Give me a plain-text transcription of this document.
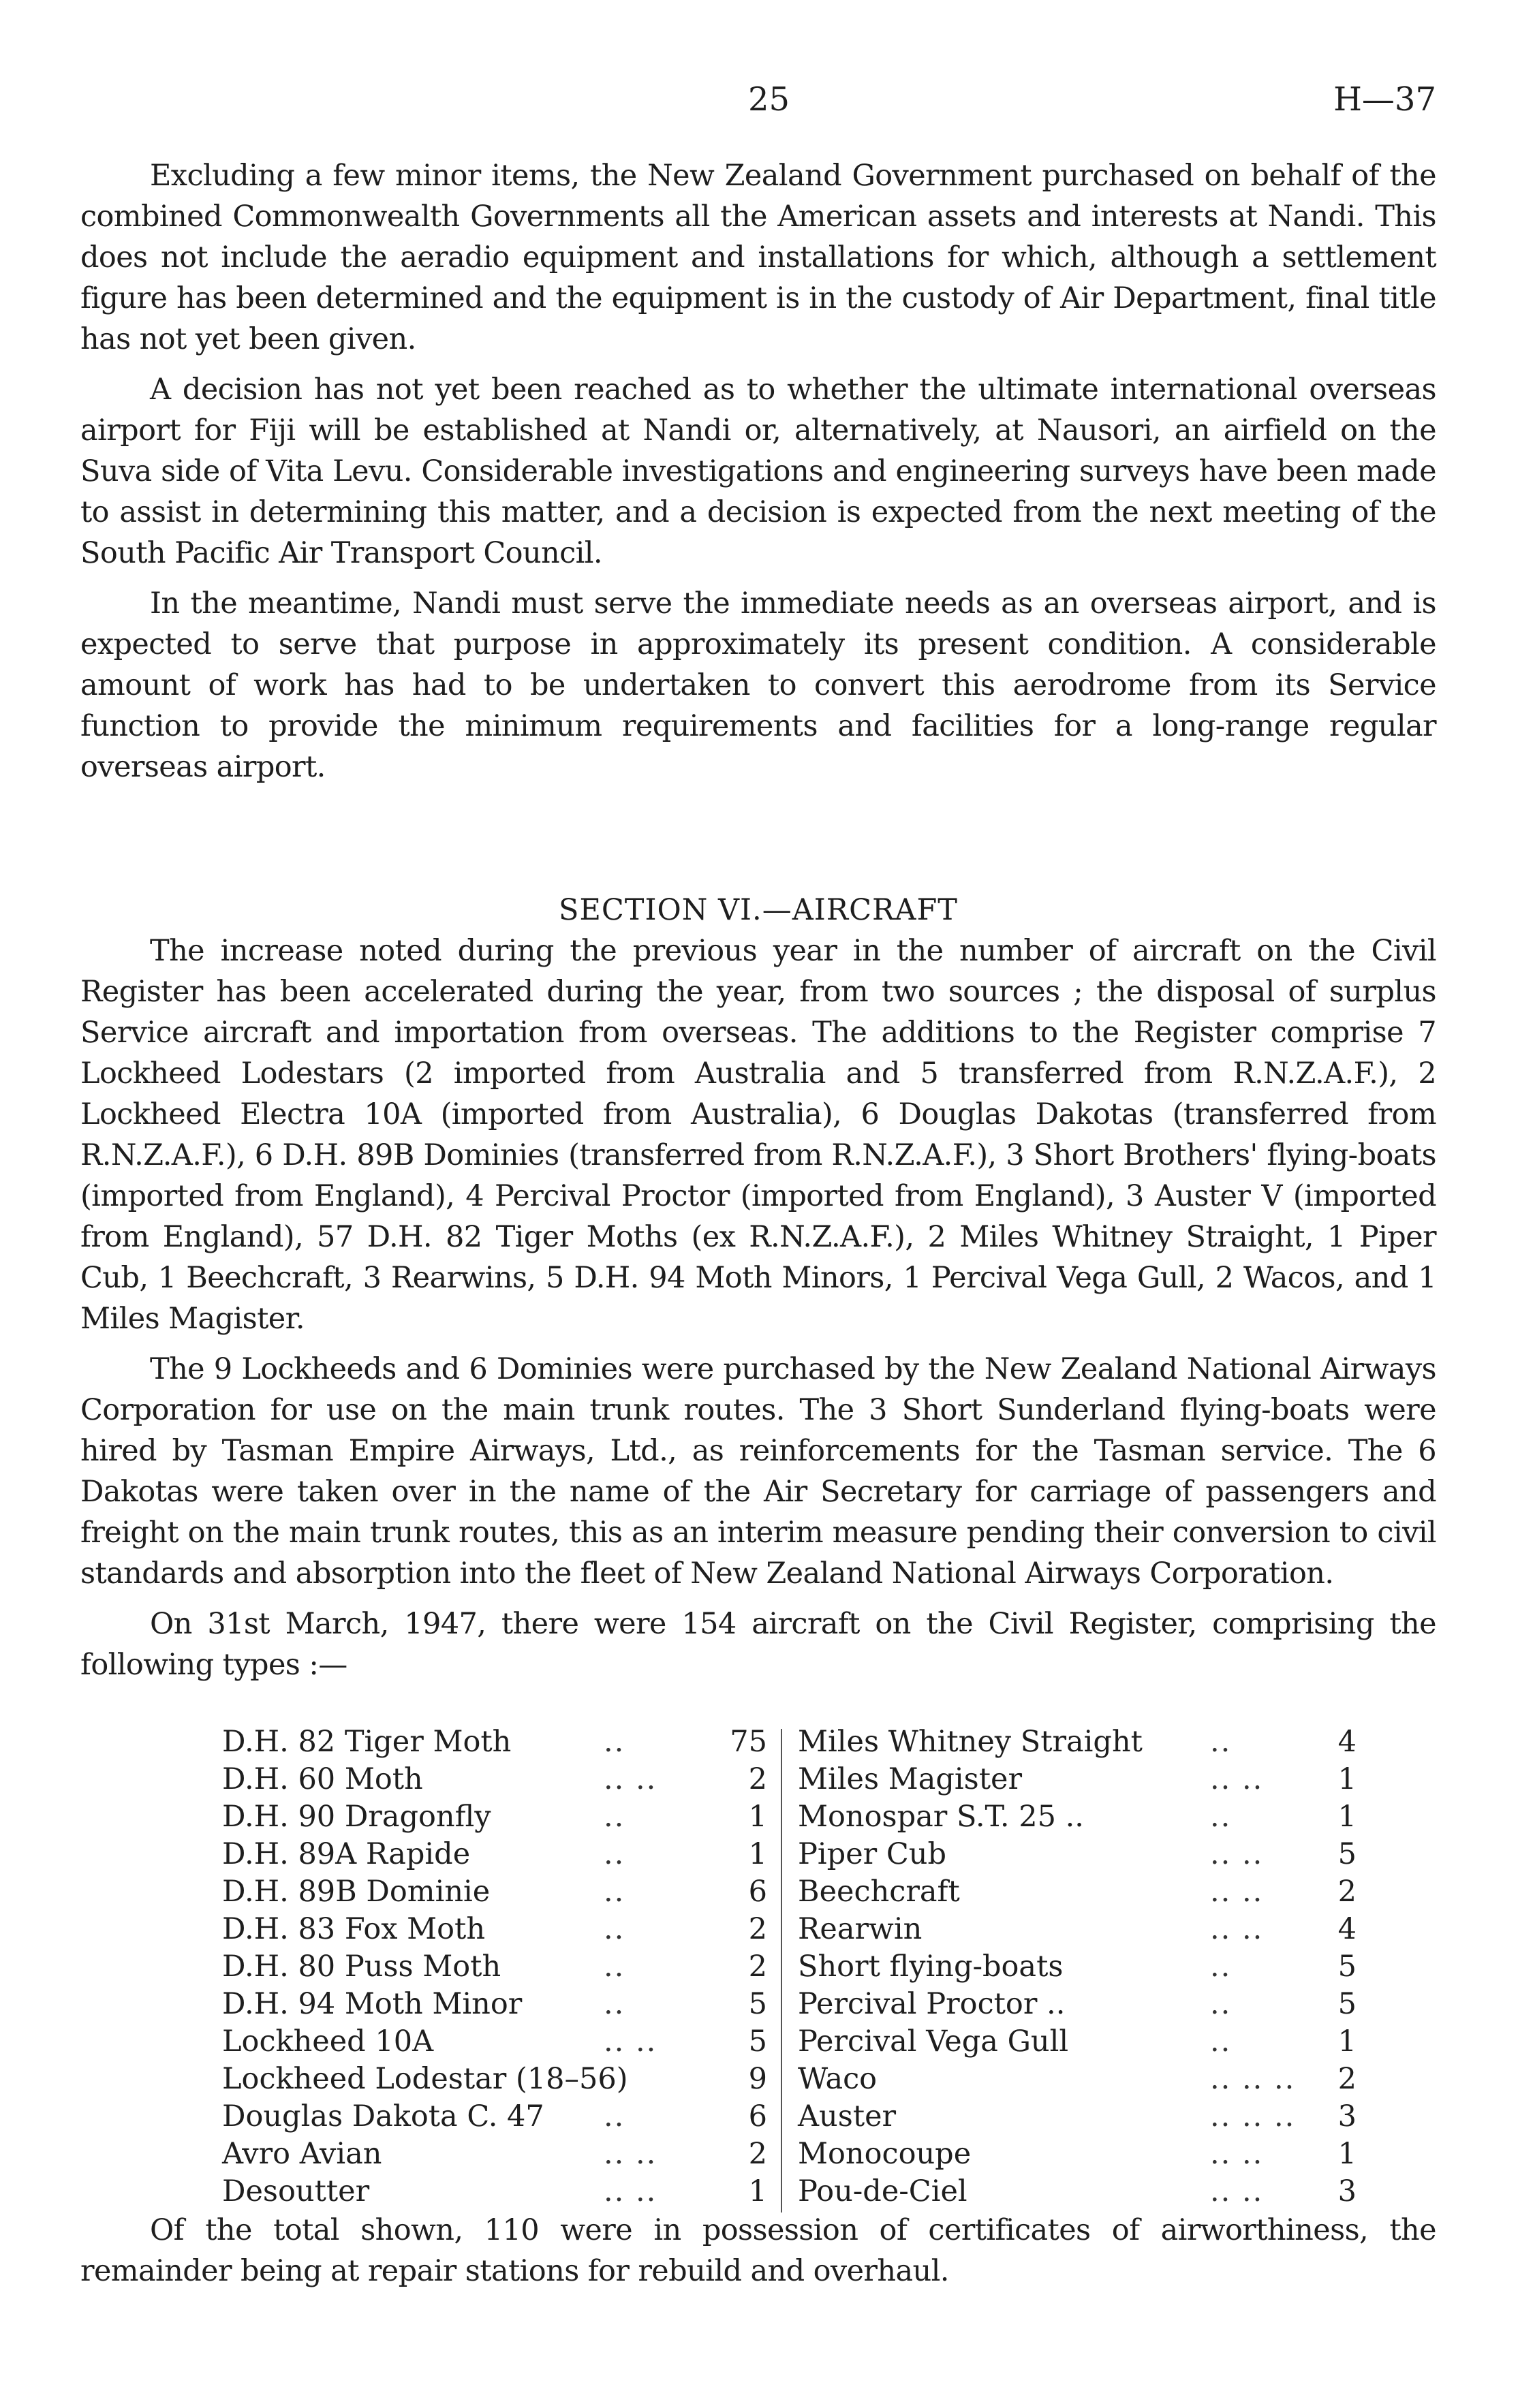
25	H—37

Excluding a few minor items, the New Zealand Government purchased on behalf of the combined Commonwealth Governments all the American assets and interests at Nandi. This does not include the aeradio equipment and installations for which, although a settlement figure has been determined and the equipment is in the custody of Air Department, final title has not yet been given.

A decision has not yet been reached as to whether the ultimate international overseas airport for Fiji will be established at Nandi or, alternatively, at Nausori, an airfield on the Suva side of Vita Levu. Considerable investigations and engineering surveys have been made to assist in determining this matter, and a decision is expected from the next meeting of the South Pacific Air Transport Council.

In the meantime, Nandi must serve the immediate needs as an overseas airport, and is expected to serve that purpose in approximately its present condition. A considerable amount of work has had to be undertaken to convert this aerodrome from its Service function to provide the minimum requirements and facilities for a long-range regular overseas airport.

SECTION VI.—AIRCRAFT

The increase noted during the previous year in the number of aircraft on the Civil Register has been accelerated during the year, from two sources ; the disposal of surplus Service aircraft and importation from overseas. The additions to the Register comprise 7 Lockheed Lodestars (2 imported from Australia and 5 transferred from R.N.Z.A.F.), 2 Lockheed Electra 10A (imported from Australia), 6 Douglas Dakotas (transferred from R.N.Z.A.F.), 6 D.H. 89B Dominies (transferred from R.N.Z.A.F.), 3 Short Brothers' flying-boats (imported from England), 4 Percival Proctor (imported from England), 3 Auster V (imported from England), 57 D.H. 82 Tiger Moths (ex R.N.Z.A.F.), 2 Miles Whitney Straight, 1 Piper Cub, 1 Beechcraft, 3 Rearwins, 5 D.H. 94 Moth Minors, 1 Percival Vega Gull, 2 Wacos, and 1 Miles Magister.

The 9 Lockheeds and 6 Dominies were purchased by the New Zealand National Airways Corporation for use on the main trunk routes. The 3 Short Sunderland flying-boats were hired by Tasman Empire Airways, Ltd., as reinforcements for the Tasman service. The 6 Dakotas were taken over in the name of the Air Secretary for carriage of passengers and freight on the main trunk routes, this as an interim measure pending their conversion to civil standards and absorption into the fleet of New Zealand National Airways Corporation.

On 31st March, 1947, there were 154 aircraft on the Civil Register, comprising the following types :—

D.H. 82 Tiger Moth	..	75
D.H. 60 Moth	.. ..	2
D.H. 90 Dragonfly	..	1
D.H. 89A Rapide	..	1
D.H. 89B Dominie	..	6
D.H. 83 Fox Moth	..	2
D.H. 80 Puss Moth	..	2
D.H. 94 Moth Minor	..	5
Lockheed 10A	.. ..	5
Lockheed Lodestar (18–56)	9
Douglas Dakota C. 47 ..	6
Avro Avian	.. ..	2
Desoutter	.. ..	1
Miles Whitney Straight ..	4
Miles Magister	.. ..	1
Monospar S.T. 25 ..	..	1
Piper Cub	.. ..	5
Beechcraft	.. ..	2
Rearwin	.. ..	4
Short flying-boats	..	5
Percival Proctor ..	..	5
Percival Vega Gull	..	1
Waco	.. .. ..	2
Auster	.. .. ..	3
Monocoupe	.. ..	1
Pou-de-Ciel	.. ..	3

Of the total shown, 110 were in possession of certificates of airworthiness, the remainder being at repair stations for rebuild and overhaul.
